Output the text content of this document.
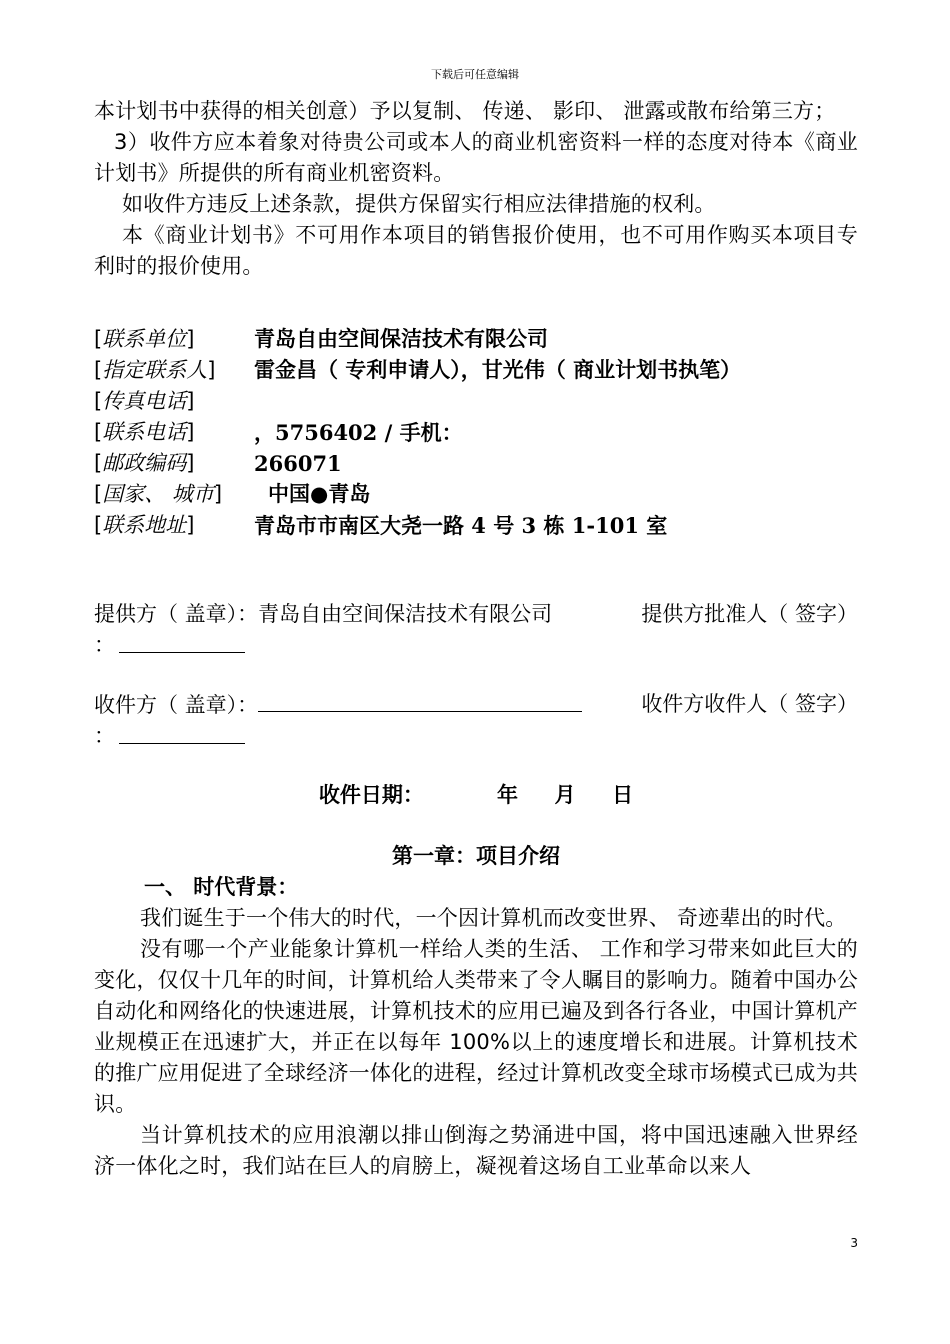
下载后可任意编辑

本计划书中获得的相关创意）予以复制、 传递、 影印、 泄露或散布给第三方；

3）收件方应本着象对待贵公司或本人的商业机密资料一样的态度对待本《商业计划书》所提供的所有商业机密资料。

如收件方违反上述条款，提供方保留实行相应法律措施的权利。

本《商业计划书》不可用作本项目的销售报价使用，也不可用作购买本项目专利时的报价使用。

[联系单位]	青岛自由空间保洁技术有限公司
[指定联系人]	雷金昌（ 专利申请人），甘光伟（ 商业计划书执笔）
[传真电话]
[联系电话]	，5756402 / 手机：
[邮政编码]	266071
[国家、 城市]	中国●青岛
[联系地址]	青岛市市南区大尧一路 4 号 3 栋 1-101 室
提供方（ 盖章）：青岛自由空间保洁技术有限公司	提供方批准人（ 签字）
：
收件方（ 盖章）：	收件方收件人（ 签字）
：
收件日期：          年     月     日
第一章：项目介绍
一、 时代背景：

我们诞生于一个伟大的时代，一个因计算机而改变世界、 奇迹辈出的时代。

没有哪一个产业能象计算机一样给人类的生活、 工作和学习带来如此巨大的变化，仅仅十几年的时间，计算机给人类带来了令人瞩目的影响力。随着中国办公自动化和网络化的快速进展，计算机技术的应用已遍及到各行各业，中国计算机产业规模正在迅速扩大，并正在以每年 100%以上的速度增长和进展。计算机技术的推广应用促进了全球经济一体化的进程，经过计算机改变全球市场模式已成为共识。

当计算机技术的应用浪潮以排山倒海之势涌进中国，将中国迅速融入世界经济一体化之时，我们站在巨人的肩膀上，凝视着这场自工业革命以来人

3
